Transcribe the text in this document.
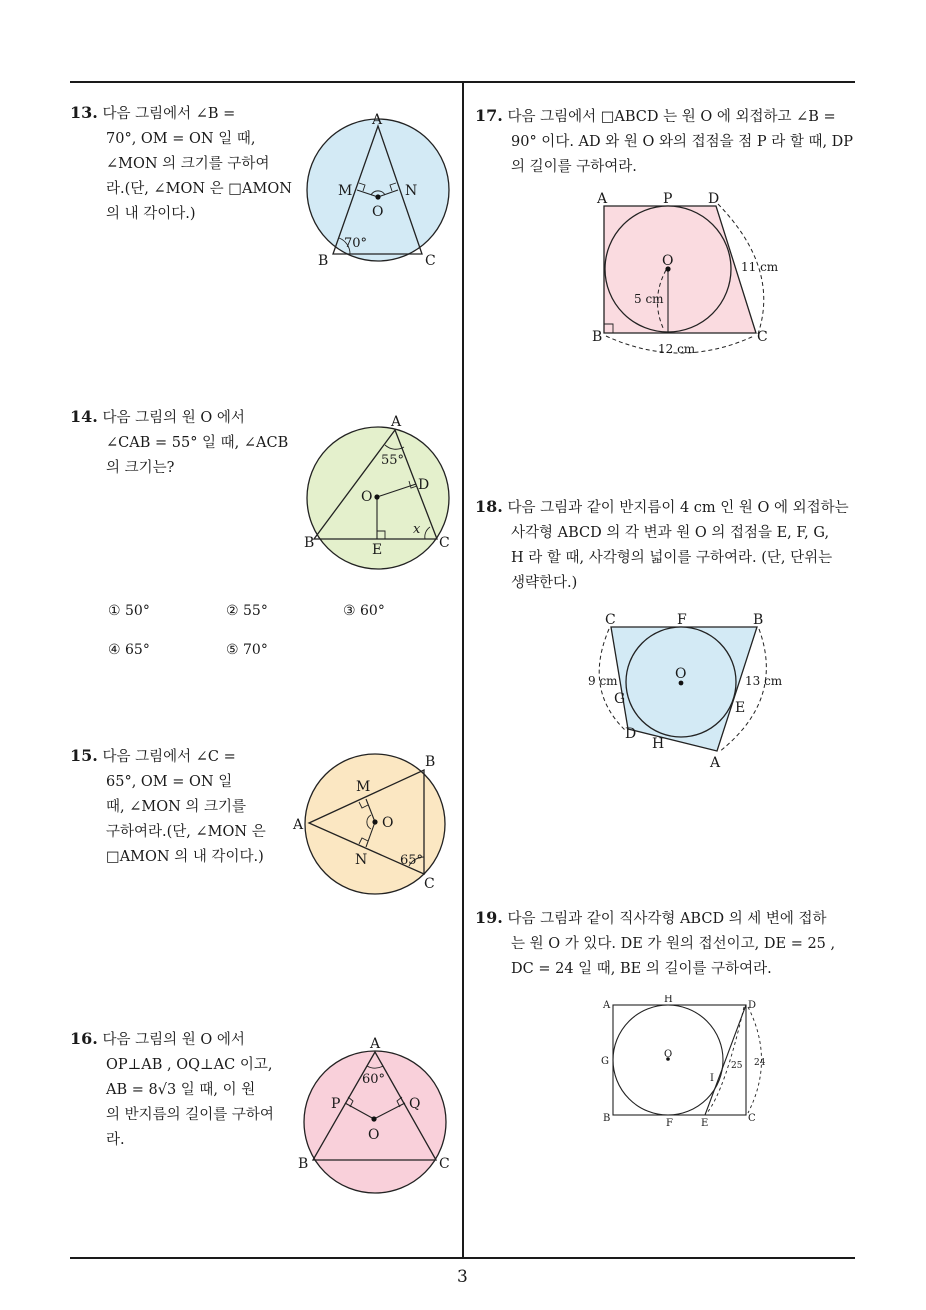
13. 다음 그림에서 ∠B =
70°, OM = ON 일 때,
∠MON 의 크기를 구하여
라.(단, ∠MON 은 □AMON
의 내 각이다.)
A
B	C
M	N
O
70°
14. 다음 그림의 원 O 에서
∠CAB = 55° 일 때, ∠ACB
의 크기는?
A
B	C
D
E
O
55°
x
① 50°	② 55°	③ 60°
④ 65°	⑤ 70°
15. 다음 그림에서 ∠C =
65°, OM = ON 일
때, ∠MON 의 크기를
구하여라.(단, ∠MON 은
□AMON 의 내 각이다.)
B
A
C
M
N
O
65°
16. 다음 그림의 원 O 에서
OP⊥AB , OQ⊥AC 이고,
AB = 8√3 일 때, 이 원
의 반지름의 길이를 구하여
라.
A
B	C
P	Q
O
60°
17. 다음 그림에서 □ABCD 는 원 O 에 외접하고 ∠B =
90° 이다. AD 와 원 O 와의 접점을 점 P 라 할 때, DP
의 길이를 구하여라.
A	P	D
B	C
O
5 cm
11 cm
12 cm
18. 다음 그림과 같이 반지름이 4 cm 인 원 O 에 외접하는
사각형 ABCD 의 각 변과 원 O 의 접점을 E, F, G,
H 라 할 때, 사각형의 넓이를 구하여라. (단, 단위는
생략한다.)
C	F	B
O
9 cm	13 cm
G
E
D
H
A
19. 다음 그림과 같이 직사각형 ABCD 의 세 변에 접하
는 원 O 가 있다. DE 가 원의 접선이고, DE = 25 ,
DC = 24 일 때, BE 의 길이를 구하여라.
A
H
D
G
O
I
25 24
B	F	E	C
3
